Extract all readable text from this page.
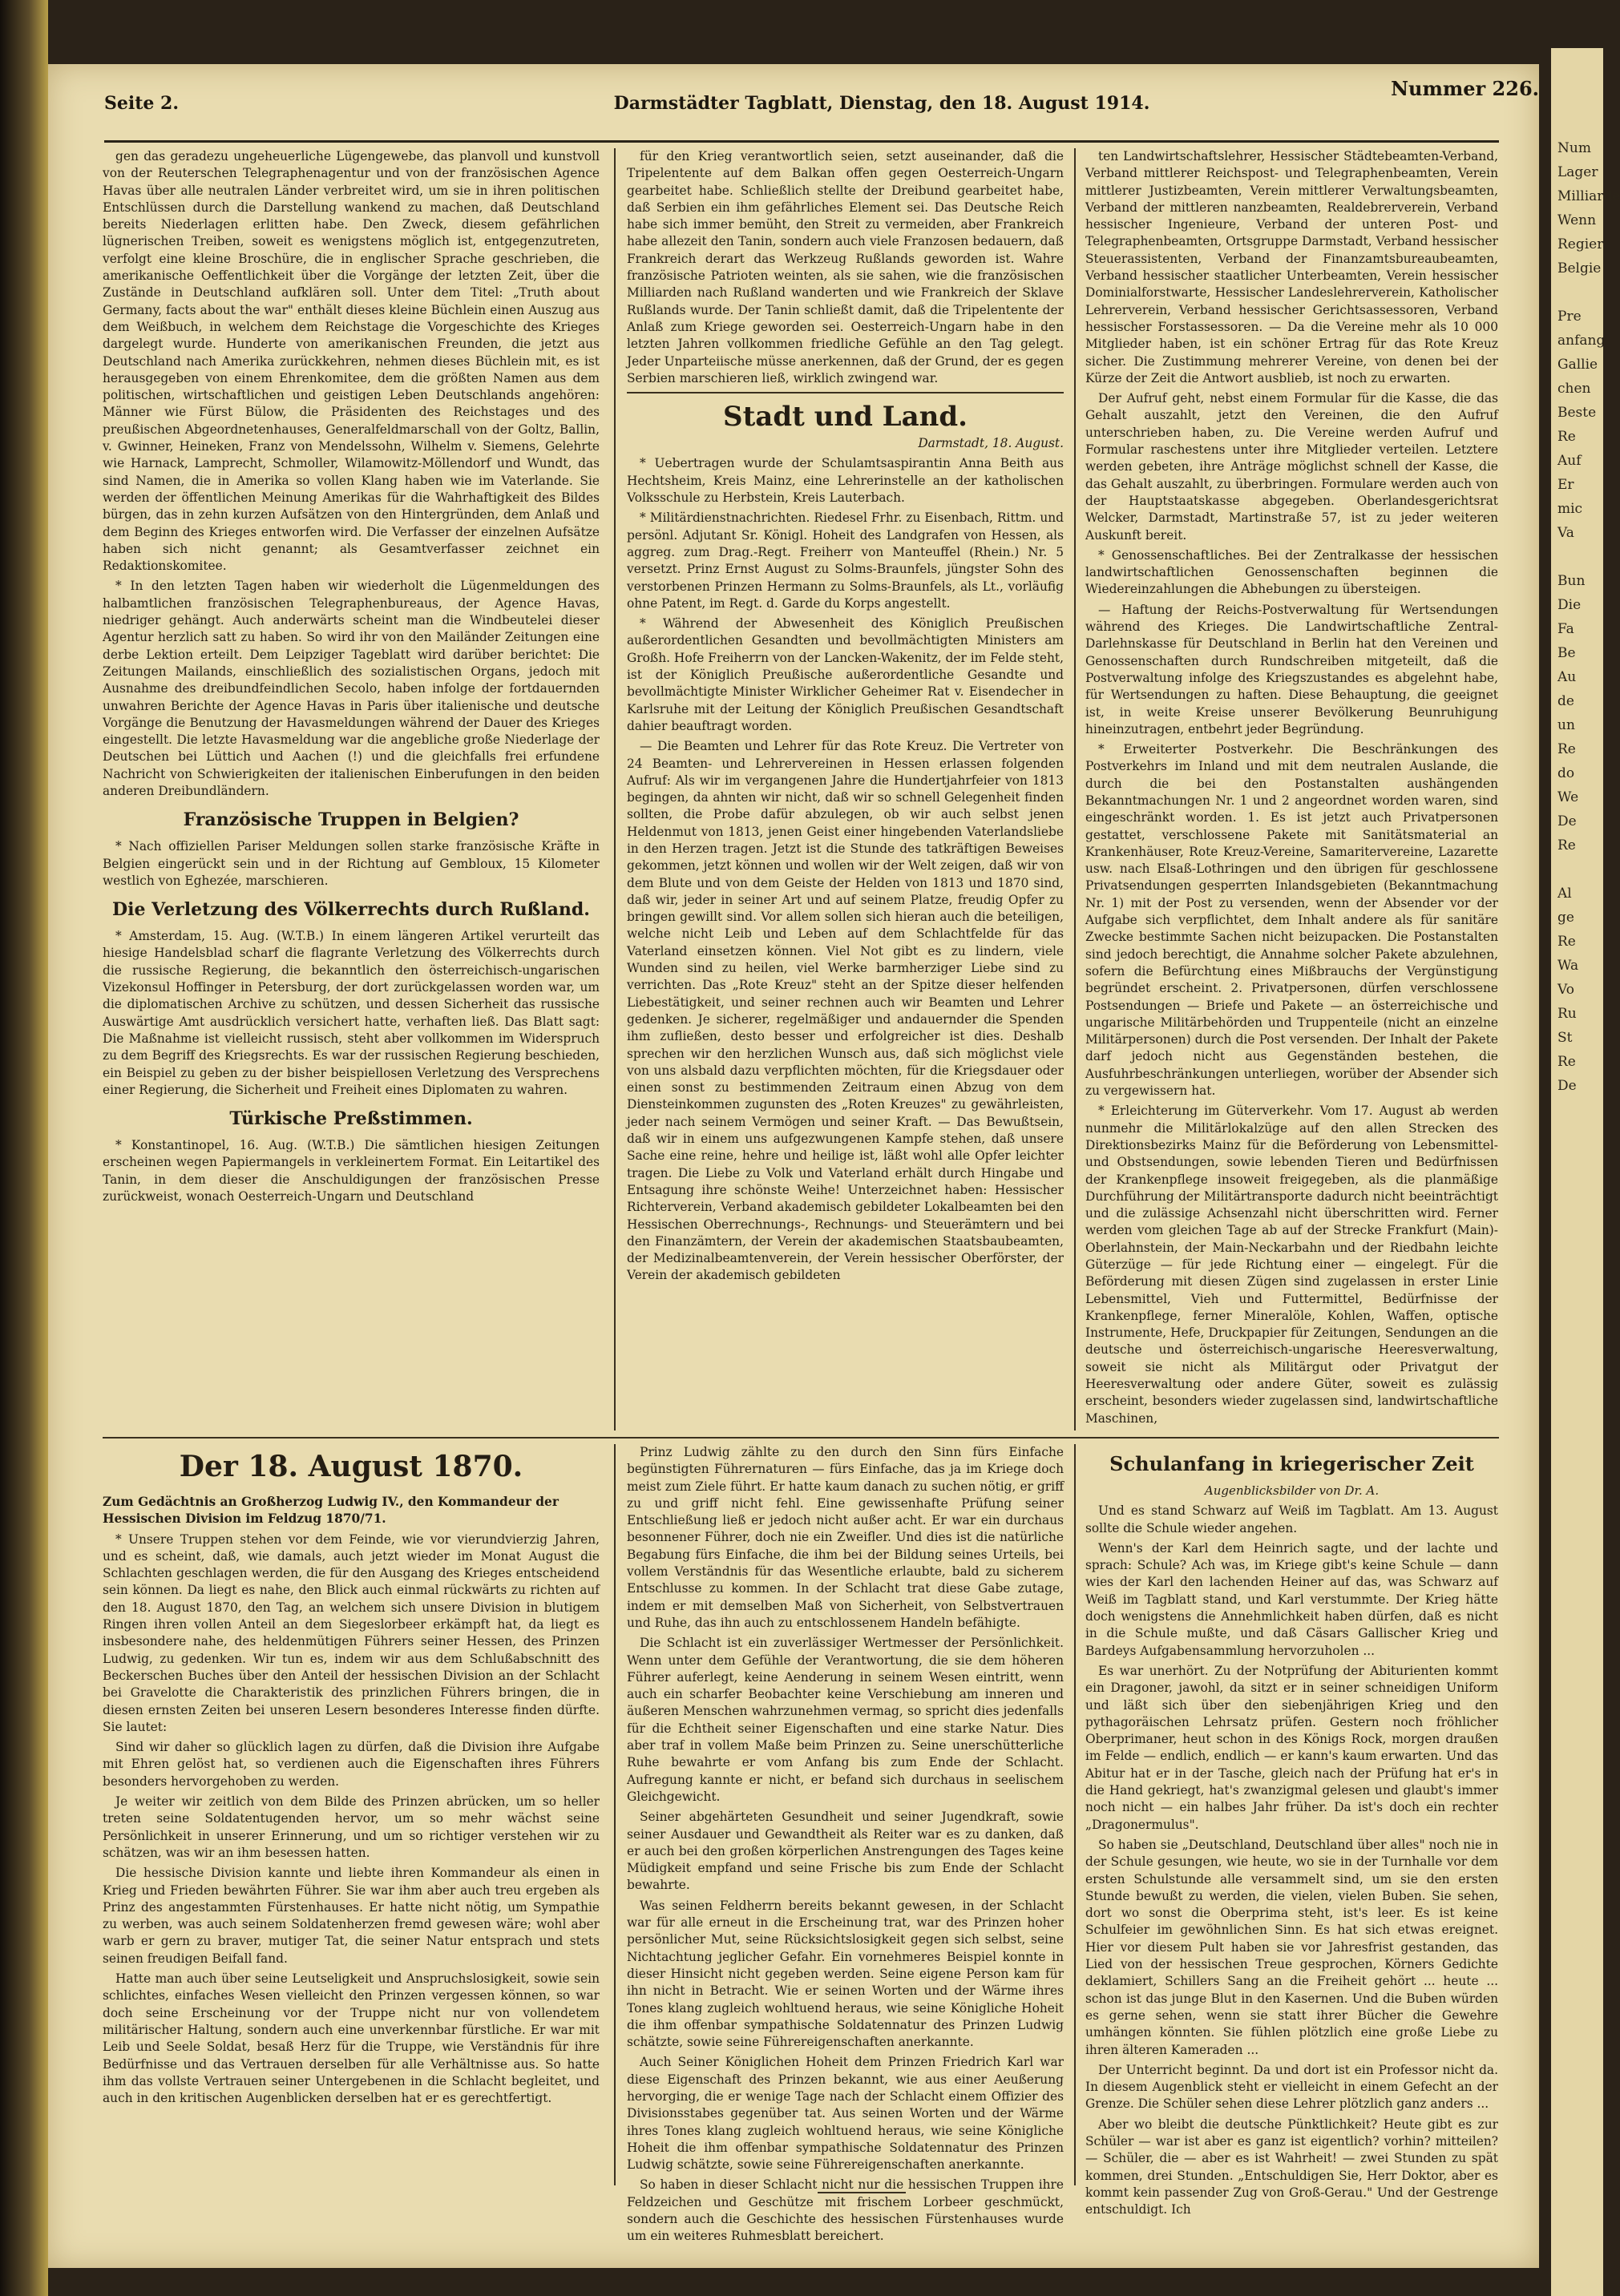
Num
Lager
Milliarde
Wenn
Regier
Belgie

Pre
anfang
Gallie
chen
Beste
Re
Auf
Er
mic
Va

Bun
Die
Fa
Be
Au
de
un
Re
do
We
De
Re

Al
ge
Re
Wa
Vo
Ru
St
Re
De
Seite 2.	Darmstädter Tagblatt, Dienstag, den 18. August 1914.
Nummer 226.

gen das geradezu ungeheuerliche Lügengewebe, das planvoll und kunstvoll von der Reuterschen Telegraphenagentur und von der französischen Agence Havas über alle neutralen Länder verbreitet wird, um sie in ihren politischen Entschlüssen durch die Darstellung wankend zu machen, daß Deutschland bereits Niederlagen erlitten habe. Den Zweck, diesem gefährlichen lügnerischen Treiben, soweit es wenigstens möglich ist, entgegenzutreten, verfolgt eine kleine Broschüre, die in englischer Sprache geschrieben, die amerikanische Oeffentlichkeit über die Vorgänge der letzten Zeit, über die Zustände in Deutschland aufklären soll. Unter dem Titel: „Truth about Germany, facts about the war" enthält dieses kleine Büchlein einen Auszug aus dem Weißbuch, in welchem dem Reichstage die Vorgeschichte des Krieges dargelegt wurde. Hunderte von amerikanischen Freunden, die jetzt aus Deutschland nach Amerika zurückkehren, nehmen dieses Büchlein mit, es ist herausgegeben von einem Ehrenkomitee, dem die größten Namen aus dem politischen, wirtschaftlichen und geistigen Leben Deutschlands angehören: Männer wie Fürst Bülow, die Präsidenten des Reichstages und des preußischen Abgeordnetenhauses, Generalfeldmarschall von der Goltz, Ballin, v. Gwinner, Heineken, Franz von Mendelssohn, Wilhelm v. Siemens, Gelehrte wie Harnack, Lamprecht, Schmoller, Wilamowitz-Möllendorf und Wundt, das sind Namen, die in Amerika so vollen Klang haben wie im Vaterlande. Sie werden der öffentlichen Meinung Amerikas für die Wahrhaftigkeit des Bildes bürgen, das in zehn kurzen Aufsätzen von den Hintergründen, dem Anlaß und dem Beginn des Krieges entworfen wird. Die Verfasser der einzelnen Aufsätze haben sich nicht genannt; als Gesamtverfasser zeichnet ein Redaktionskomitee.

* In den letzten Tagen haben wir wiederholt die Lügenmeldungen des halbamtlichen französischen Telegraphenbureaus, der Agence Havas, niedriger gehängt. Auch anderwärts scheint man die Windbeutelei dieser Agentur herzlich satt zu haben. So wird ihr von den Mailänder Zeitungen eine derbe Lektion erteilt. Dem Leipziger Tageblatt wird darüber berichtet: Die Zeitungen Mailands, einschließlich des sozialistischen Organs, jedoch mit Ausnahme des dreibundfeindlichen Secolo, haben infolge der fortdauernden unwahren Berichte der Agence Havas in Paris über italienische und deutsche Vorgänge die Benutzung der Havasmeldungen während der Dauer des Krieges eingestellt. Die letzte Havasmeldung war die angebliche große Niederlage der Deutschen bei Lüttich und Aachen (!) und die gleichfalls frei erfundene Nachricht von Schwierigkeiten der italienischen Einberufungen in den beiden anderen Dreibundländern.

Französische Truppen in Belgien?

* Nach offiziellen Pariser Meldungen sollen starke französische Kräfte in Belgien eingerückt sein und in der Richtung auf Gembloux, 15 Kilometer westlich von Eghezée, marschieren.

Die Verletzung des Völkerrechts durch Rußland.

* Amsterdam, 15. Aug. (W.T.B.) In einem längeren Artikel verurteilt das hiesige Handelsblad scharf die flagrante Verletzung des Völkerrechts durch die russische Regierung, die bekanntlich den österreichisch-ungarischen Vizekonsul Hoffinger in Petersburg, der dort zurückgelassen worden war, um die diplomatischen Archive zu schützen, und dessen Sicherheit das russische Auswärtige Amt ausdrücklich versichert hatte, verhaften ließ. Das Blatt sagt: Die Maßnahme ist vielleicht russisch, steht aber vollkommen im Widerspruch zu dem Begriff des Kriegsrechts. Es war der russischen Regierung beschieden, ein Beispiel zu geben zu der bisher beispiellosen Verletzung des Versprechens einer Regierung, die Sicherheit und Freiheit eines Diplomaten zu wahren.

Türkische Preßstimmen.

* Konstantinopel, 16. Aug. (W.T.B.) Die sämtlichen hiesigen Zeitungen erscheinen wegen Papiermangels in verkleinertem Format. Ein Leitartikel des Tanin, in dem dieser die Anschuldigungen der französischen Presse zurückweist, wonach Oesterreich-Ungarn und Deutschland

für den Krieg verantwortlich seien, setzt auseinander, daß die Tripelentente auf dem Balkan offen gegen Oesterreich-Ungarn gearbeitet habe. Schließlich stellte der Dreibund gearbeitet habe, daß Serbien ein ihm gefährliches Element sei. Das Deutsche Reich habe sich immer bemüht, den Streit zu vermeiden, aber Frankreich habe allezeit den Tanin, sondern auch viele Franzosen bedauern, daß Frankreich derart das Werkzeug Rußlands geworden ist. Wahre französische Patrioten weinten, als sie sahen, wie die französischen Milliarden nach Rußland wanderten und wie Frankreich der Sklave Rußlands wurde. Der Tanin schließt damit, daß die Tripelentente der Anlaß zum Kriege geworden sei. Oesterreich-Ungarn habe in den letzten Jahren vollkommen friedliche Gefühle an den Tag gelegt. Jeder Unparteiische müsse anerkennen, daß der Grund, der es gegen Serbien marschieren ließ, wirklich zwingend war.

Stadt und Land.

Darmstadt, 18. August.

* Uebertragen wurde der Schulamtsaspirantin Anna Beith aus Hechtsheim, Kreis Mainz, eine Lehrerinstelle an der katholischen Volksschule zu Herbstein, Kreis Lauterbach.

* Militärdienstnachrichten. Riedesel Frhr. zu Eisenbach, Rittm. und persönl. Adjutant Sr. Königl. Hoheit des Landgrafen von Hessen, als aggreg. zum Drag.-Regt. Freiherr von Manteuffel (Rhein.) Nr. 5 versetzt. Prinz Ernst August zu Solms-Braunfels, jüngster Sohn des verstorbenen Prinzen Hermann zu Solms-Braunfels, als Lt., vorläufig ohne Patent, im Regt. d. Garde du Korps angestellt.

* Während der Abwesenheit des Königlich Preußischen außerordentlichen Gesandten und bevollmächtigten Ministers am Großh. Hofe Freiherrn von der Lancken-Wakenitz, der im Felde steht, ist der Königlich Preußische außerordentliche Gesandte und bevollmächtigte Minister Wirklicher Geheimer Rat v. Eisendecher in Karlsruhe mit der Leitung der Königlich Preußischen Gesandtschaft dahier beauftragt worden.

— Die Beamten und Lehrer für das Rote Kreuz. Die Vertreter von 24 Beamten- und Lehrervereinen in Hessen erlassen folgenden Aufruf: Als wir im vergangenen Jahre die Hundertjahrfeier von 1813 begingen, da ahnten wir nicht, daß wir so schnell Gelegenheit finden sollten, die Probe dafür abzulegen, ob wir auch selbst jenen Heldenmut von 1813, jenen Geist einer hingebenden Vaterlandsliebe in den Herzen tragen. Jetzt ist die Stunde des tatkräftigen Beweises gekommen, jetzt können und wollen wir der Welt zeigen, daß wir von dem Blute und von dem Geiste der Helden von 1813 und 1870 sind, daß wir, jeder in seiner Art und auf seinem Platze, freudig Opfer zu bringen gewillt sind. Vor allem sollen sich hieran auch die beteiligen, welche nicht Leib und Leben auf dem Schlachtfelde für das Vaterland einsetzen können. Viel Not gibt es zu lindern, viele Wunden sind zu heilen, viel Werke barmherziger Liebe sind zu verrichten. Das „Rote Kreuz" steht an der Spitze dieser helfenden Liebestätigkeit, und seiner rechnen auch wir Beamten und Lehrer gedenken. Je sicherer, regelmäßiger und andauernder die Spenden ihm zufließen, desto besser und erfolgreicher ist dies. Deshalb sprechen wir den herzlichen Wunsch aus, daß sich möglichst viele von uns alsbald dazu verpflichten möchten, für die Kriegsdauer oder einen sonst zu bestimmenden Zeitraum einen Abzug von dem Diensteinkommen zugunsten des „Roten Kreuzes" zu gewährleisten, jeder nach seinem Vermögen und seiner Kraft. — Das Bewußtsein, daß wir in einem uns aufgezwungenen Kampfe stehen, daß unsere Sache eine reine, hehre und heilige ist, läßt wohl alle Opfer leichter tragen. Die Liebe zu Volk und Vaterland erhält durch Hingabe und Entsagung ihre schönste Weihe! Unterzeichnet haben: Hessischer Richterverein, Verband akademisch gebildeter Lokalbeamten bei den Hessischen Oberrechnungs-, Rechnungs- und Steuerämtern und bei den Finanzämtern, der Verein der akademischen Staatsbaubeamten, der Medizinalbeamtenverein, der Verein hessischer Oberförster, der Verein der akademisch gebildeten

ten Landwirtschaftslehrer, Hessischer Städtebeamten-Verband, Verband mittlerer Reichspost- und Telegraphenbeamten, Verein mittlerer Justizbeamten, Verein mittlerer Verwaltungsbeamten, Verband der mittleren nanzbeamten, Realdebrerverein, Verband hessischer Ingenieure, Verband der unteren Post- und Telegraphenbeamten, Ortsgruppe Darmstadt, Verband hessischer Steuerassistenten, Verband der Finanzamtsbureaubeamten, Verband hessischer staatlicher Unterbeamten, Verein hessischer Dominialforstwarte, Hessischer Landeslehrerverein, Katholischer Lehrerverein, Verband hessischer Gerichtsassessoren, Verband hessischer Forstassessoren. — Da die Vereine mehr als 10 000 Mitglieder haben, ist ein schöner Ertrag für das Rote Kreuz sicher. Die Zustimmung mehrerer Vereine, von denen bei der Kürze der Zeit die Antwort ausblieb, ist noch zu erwarten.

Der Aufruf geht, nebst einem Formular für die Kasse, die das Gehalt auszahlt, jetzt den Vereinen, die den Aufruf unterschrieben haben, zu. Die Vereine werden Aufruf und Formular raschestens unter ihre Mitglieder verteilen. Letztere werden gebeten, ihre Anträge möglichst schnell der Kasse, die das Gehalt auszahlt, zu überbringen. Formulare werden auch von der Hauptstaatskasse abgegeben. Oberlandesgerichtsrat Welcker, Darmstadt, Martinstraße 57, ist zu jeder weiteren Auskunft bereit.

* Genossenschaftliches. Bei der Zentralkasse der hessischen landwirtschaftlichen Genossenschaften beginnen die Wiedereinzahlungen die Abhebungen zu übersteigen.

— Haftung der Reichs-Postverwaltung für Wertsendungen während des Krieges. Die Landwirtschaftliche Zentral-Darlehnskasse für Deutschland in Berlin hat den Vereinen und Genossenschaften durch Rundschreiben mitgeteilt, daß die Postverwaltung infolge des Kriegszustandes es abgelehnt habe, für Wertsendungen zu haften. Diese Behauptung, die geeignet ist, in weite Kreise unserer Bevölkerung Beunruhigung hineinzutragen, entbehrt jeder Begründung.

* Erweiterter Postverkehr. Die Beschränkungen des Postverkehrs im Inland und mit dem neutralen Auslande, die durch die bei den Postanstalten aushängenden Bekanntmachungen Nr. 1 und 2 angeordnet worden waren, sind eingeschränkt worden. 1. Es ist jetzt auch Privatpersonen gestattet, verschlossene Pakete mit Sanitätsmaterial an Krankenhäuser, Rote Kreuz-Vereine, Samaritervereine, Lazarette usw. nach Elsaß-Lothringen und den übrigen für geschlossene Privatsendungen gesperrten Inlandsgebieten (Bekanntmachung Nr. 1) mit der Post zu versenden, wenn der Absender vor der Aufgabe sich verpflichtet, dem Inhalt andere als für sanitäre Zwecke bestimmte Sachen nicht beizupacken. Die Postanstalten sind jedoch berechtigt, die Annahme solcher Pakete abzulehnen, sofern die Befürchtung eines Mißbrauchs der Vergünstigung begründet erscheint. 2. Privatpersonen, dürfen verschlossene Postsendungen — Briefe und Pakete — an österreichische und ungarische Militärbehörden und Truppenteile (nicht an einzelne Militärpersonen) durch die Post versenden. Der Inhalt der Pakete darf jedoch nicht aus Gegenständen bestehen, die Ausfuhrbeschränkungen unterliegen, worüber der Absender sich zu vergewissern hat.

* Erleichterung im Güterverkehr. Vom 17. August ab werden nunmehr die Militärlokalzüge auf den allen Strecken des Direktionsbezirks Mainz für die Beförderung von Lebensmittel- und Obstsendungen, sowie lebenden Tieren und Bedürfnissen der Krankenpflege insoweit freigegeben, als die planmäßige Durchführung der Militärtransporte dadurch nicht beeinträchtigt und die zulässige Achsenzahl nicht überschritten wird. Ferner werden vom gleichen Tage ab auf der Strecke Frankfurt (Main)-Oberlahnstein, der Main-Neckarbahn und der Riedbahn leichte Güterzüge — für jede Richtung einer — eingelegt. Für die Beförderung mit diesen Zügen sind zugelassen in erster Linie Lebensmittel, Vieh und Futtermittel, Bedürfnisse der Krankenpflege, ferner Mineralöle, Kohlen, Waffen, optische Instrumente, Hefe, Druckpapier für Zeitungen, Sendungen an die deutsche und österreichisch-ungarische Heeresverwaltung, soweit sie nicht als Militärgut oder Privatgut der Heeresverwaltung oder andere Güter, soweit es zulässig erscheint, besonders wieder zugelassen sind, landwirtschaftliche Maschinen,

Der 18. August 1870.

Zum Gedächtnis an Großherzog Ludwig IV., den Kommandeur der Hessischen Division im Feldzug 1870/71.

* Unsere Truppen stehen vor dem Feinde, wie vor vierundvierzig Jahren, und es scheint, daß, wie damals, auch jetzt wieder im Monat August die Schlachten geschlagen werden, die für den Ausgang des Krieges entscheidend sein können. Da liegt es nahe, den Blick auch einmal rückwärts zu richten auf den 18. August 1870, den Tag, an welchem sich unsere Division in blutigem Ringen ihren vollen Anteil an dem Siegeslorbeer erkämpft hat, da liegt es insbesondere nahe, des heldenmütigen Führers seiner Hessen, des Prinzen Ludwig, zu gedenken. Wir tun es, indem wir aus dem Schlußabschnitt des Beckerschen Buches über den Anteil der hessischen Division an der Schlacht bei Gravelotte die Charakteristik des prinzlichen Führers bringen, die in diesen ernsten Zeiten bei unseren Lesern besonderes Interesse finden dürfte. Sie lautet:

Sind wir daher so glücklich lagen zu dürfen, daß die Division ihre Aufgabe mit Ehren gelöst hat, so verdienen auch die Eigenschaften ihres Führers besonders hervorgehoben zu werden.

Je weiter wir zeitlich von dem Bilde des Prinzen abrücken, um so heller treten seine Soldatentugenden hervor, um so mehr wächst seine Persönlichkeit in unserer Erinnerung, und um so richtiger verstehen wir zu schätzen, was wir an ihm besessen hatten.

Die hessische Division kannte und liebte ihren Kommandeur als einen in Krieg und Frieden bewährten Führer. Sie war ihm aber auch treu ergeben als Prinz des angestammten Fürstenhauses. Er hatte nicht nötig, um Sympathie zu werben, was auch seinem Soldatenherzen fremd gewesen wäre; wohl aber warb er gern zu braver, mutiger Tat, die seiner Natur entsprach und stets seinen freudigen Beifall fand.

Hatte man auch über seine Leutseligkeit und Anspruchslosigkeit, sowie sein schlichtes, einfaches Wesen vielleicht den Prinzen vergessen können, so war doch seine Erscheinung vor der Truppe nicht nur von vollendetem militärischer Haltung, sondern auch eine unverkennbar fürstliche. Er war mit Leib und Seele Soldat, besaß Herz für die Truppe, wie Verständnis für ihre Bedürfnisse und das Vertrauen derselben für alle Verhältnisse aus. So hatte ihm das vollste Vertrauen seiner Untergebenen in die Schlacht begleitet, und auch in den kritischen Augenblicken derselben hat er es gerechtfertigt.

Prinz Ludwig zählte zu den durch den Sinn fürs Einfache begünstigten Führernaturen — fürs Einfache, das ja im Kriege doch meist zum Ziele führt. Er hatte kaum danach zu suchen nötig, er griff zu und griff nicht fehl. Eine gewissenhafte Prüfung seiner Entschließung ließ er jedoch nicht außer acht. Er war ein durchaus besonnener Führer, doch nie ein Zweifler. Und dies ist die natürliche Begabung fürs Einfache, die ihm bei der Bildung seines Urteils, bei vollem Verständnis für das Wesentliche erlaubte, bald zu sicherem Entschlusse zu kommen. In der Schlacht trat diese Gabe zutage, indem er mit demselben Maß von Sicherheit, von Selbstvertrauen und Ruhe, das ihn auch zu entschlossenem Handeln befähigte.

Die Schlacht ist ein zuverlässiger Wertmesser der Persönlichkeit. Wenn unter dem Gefühle der Verantwortung, die sie dem höheren Führer auferlegt, keine Aenderung in seinem Wesen eintritt, wenn auch ein scharfer Beobachter keine Verschiebung am inneren und äußeren Menschen wahrzunehmen vermag, so spricht dies jedenfalls für die Echtheit seiner Eigenschaften und eine starke Natur. Dies aber traf in vollem Maße beim Prinzen zu. Seine unerschütterliche Ruhe bewahrte er vom Anfang bis zum Ende der Schlacht. Aufregung kannte er nicht, er befand sich durchaus in seelischem Gleichgewicht.

Seiner abgehärteten Gesundheit und seiner Jugendkraft, sowie seiner Ausdauer und Gewandtheit als Reiter war es zu danken, daß er auch bei den großen körperlichen Anstrengungen des Tages keine Müdigkeit empfand und seine Frische bis zum Ende der Schlacht bewahrte.

Was seinen Feldherrn bereits bekannt gewesen, in der Schlacht war für alle erneut in die Erscheinung trat, war des Prinzen hoher persönlicher Mut, seine Rücksichtslosigkeit gegen sich selbst, seine Nichtachtung jeglicher Gefahr. Ein vornehmeres Beispiel konnte in dieser Hinsicht nicht gegeben werden. Seine eigene Person kam für ihn nicht in Betracht. Wie er seinen Worten und der Wärme ihres Tones klang zugleich wohltuend heraus, wie seine Königliche Hoheit die ihm offenbar sympathische Soldatennatur des Prinzen Ludwig schätzte, sowie seine Führereigenschaften anerkannte.

Auch Seiner Königlichen Hoheit dem Prinzen Friedrich Karl war diese Eigenschaft des Prinzen bekannt, wie aus einer Aeußerung hervorging, die er wenige Tage nach der Schlacht einem Offizier des Divisionsstabes gegenüber tat. Aus seinen Worten und der Wärme ihres Tones klang zugleich wohltuend heraus, wie seine Königliche Hoheit die ihm offenbar sympathische Soldatennatur des Prinzen Ludwig schätzte, sowie seine Führereigenschaften anerkannte.

So haben in dieser Schlacht nicht nur die hessischen Truppen ihre Feldzeichen und Geschütze mit frischem Lorbeer geschmückt, sondern auch die Geschichte des hessischen Fürstenhauses wurde um ein weiteres Ruhmesblatt bereichert.

Schulanfang in kriegerischer Zeit

Augenblicksbilder von Dr. A.

Und es stand Schwarz auf Weiß im Tagblatt. Am 13. August sollte die Schule wieder angehen.

Wenn's der Karl dem Heinrich sagte, und der lachte und sprach: Schule? Ach was, im Kriege gibt's keine Schule — dann wies der Karl den lachenden Heiner auf das, was Schwarz auf Weiß im Tagblatt stand, und Karl verstummte. Der Krieg hätte doch wenigstens die Annehmlichkeit haben dürfen, daß es nicht in die Schule mußte, und daß Cäsars Gallischer Krieg und Bardeys Aufgabensammlung hervorzuholen ...

Es war unerhört. Zu der Notprüfung der Abiturienten kommt ein Dragoner, jawohl, da sitzt er in seiner schneidigen Uniform und läßt sich über den siebenjährigen Krieg und den pythagoräischen Lehrsatz prüfen. Gestern noch fröhlicher Oberprimaner, heut schon in des Königs Rock, morgen draußen im Felde — endlich, endlich — er kann's kaum erwarten. Und das Abitur hat er in der Tasche, gleich nach der Prüfung hat er's in die Hand gekriegt, hat's zwanzigmal gelesen und glaubt's immer noch nicht — ein halbes Jahr früher. Da ist's doch ein rechter „Dragonermulus".

So haben sie „Deutschland, Deutschland über alles" noch nie in der Schule gesungen, wie heute, wo sie in der Turnhalle vor dem ersten Schulstunde alle versammelt sind, um sie den ersten Stunde bewußt zu werden, die vielen, vielen Buben. Sie sehen, dort wo sonst die Oberprima steht, ist's leer. Es ist keine Schulfeier im gewöhnlichen Sinn. Es hat sich etwas ereignet. Hier vor diesem Pult haben sie vor Jahresfrist gestanden, das Lied von der hessischen Treue gesprochen, Körners Gedichte deklamiert, Schillers Sang an die Freiheit gehört ... heute ... schon ist das junge Blut in den Kasernen. Und die Buben würden es gerne sehen, wenn sie statt ihrer Bücher die Gewehre umhängen könnten. Sie fühlen plötzlich eine große Liebe zu ihren älteren Kameraden ...

Der Unterricht beginnt. Da und dort ist ein Professor nicht da. In diesem Augenblick steht er vielleicht in einem Gefecht an der Grenze. Die Schüler sehen diese Lehrer plötzlich ganz anders ...

Aber wo bleibt die deutsche Pünktlichkeit? Heute gibt es zur Schüler — war ist aber es ganz ist eigentlich? vorhin? mitteilen? — Schüler, die — aber es ist Wahrheit! — zwei Stunden zu spät kommen, drei Stunden. „Entschuldigen Sie, Herr Doktor, aber es kommt kein passender Zug von Groß-Gerau." Und der Gestrenge entschuldigt. Ich
